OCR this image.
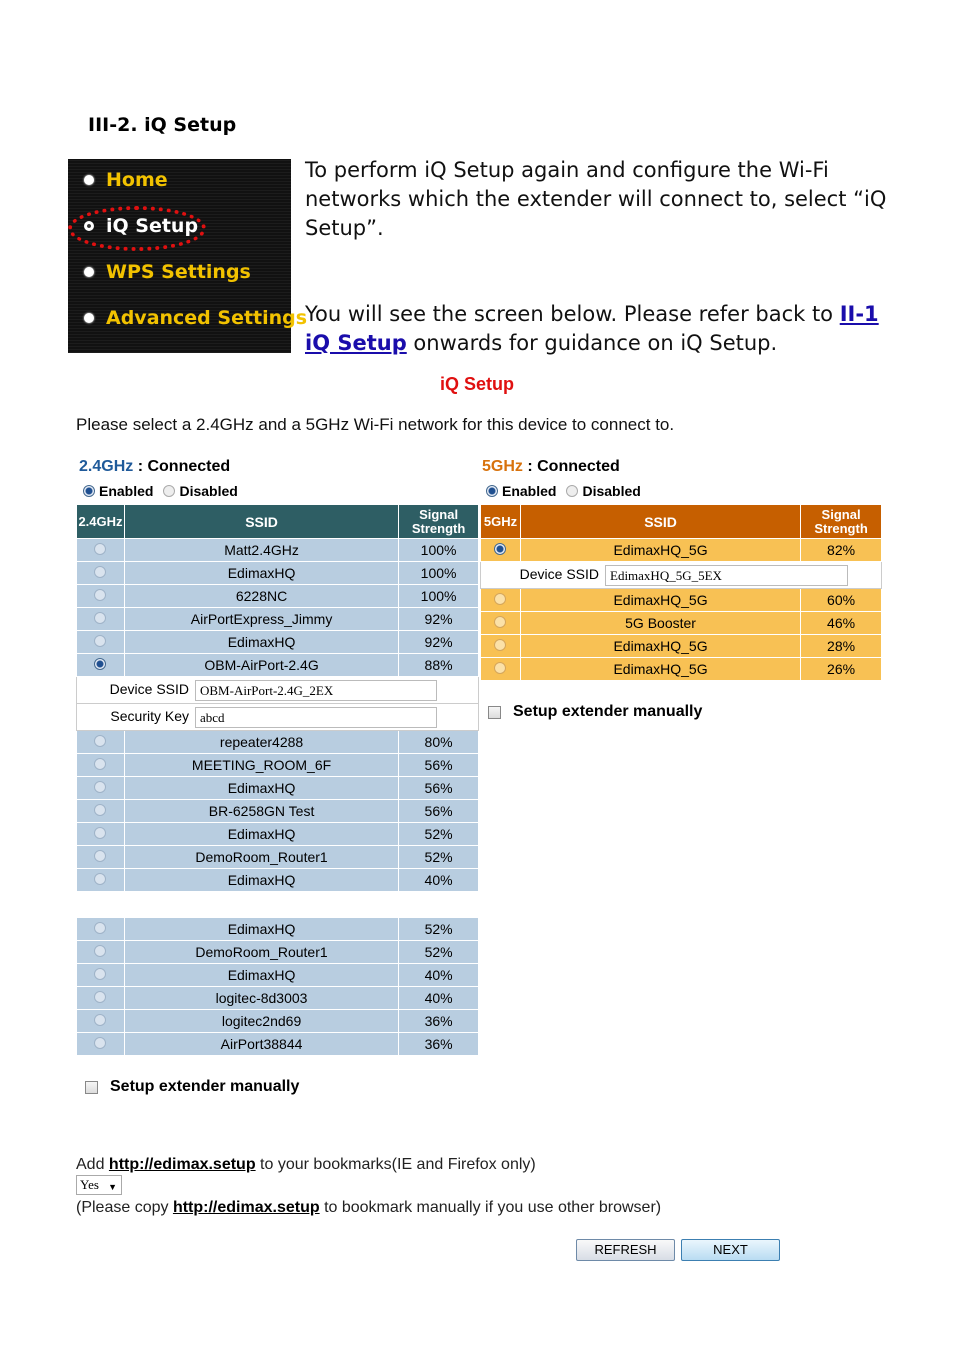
III-2. iQ Setup
Home
iQ Setup
WPS Settings
Advanced Settings
To perform iQ Setup again and configure the Wi-Fi networks which the extender will connect to, select “iQ Setup”.
You will see the screen below. Please refer back to II-1 iQ Setup onwards for guidance on iQ Setup.
iQ Setup
Please select a 2.4GHz and a 5GHz Wi-Fi network for this device to connect to.
2.4GHz : Connected
Enabled Disabled
5GHz : Connected
Enabled Disabled
2.4GHz	SSID	Signal Strength
	Matt2.4GHz	100%
	EdimaxHQ	100%
	6228NC	100%
	AirPortExpress_Jimmy	92%
	EdimaxHQ	92%
	OBM-AirPort-2.4G	88%
Device SSID OBM-AirPort-2.4G_2EX		
Security Key abcd		
	repeater4288	80%
	MEETING_ROOM_6F	56%
	EdimaxHQ	56%
	BR-6258GN Test	56%
	EdimaxHQ	52%
	DemoRoom_Router1	52%
	EdimaxHQ	40%
	EdimaxHQ	52%
	DemoRoom_Router1	52%
	EdimaxHQ	40%
	logitec-8d3003	40%
	logitec2nd69	36%
	AirPort38844	36%
5GHz	SSID	Signal Strength
	EdimaxHQ_5G	82%
Device SSID EdimaxHQ_5G_5EX		
	EdimaxHQ_5G	60%
	5G Booster	46%
	EdimaxHQ_5G	28%
	EdimaxHQ_5G	26%
Setup extender manually
Setup extender manually
Add http://edimax.setup to your bookmarks(IE and Firefox only)
Yes ▼
(Please copy http://edimax.setup to bookmark manually if you use other browser)
REFRESH	NEXT
